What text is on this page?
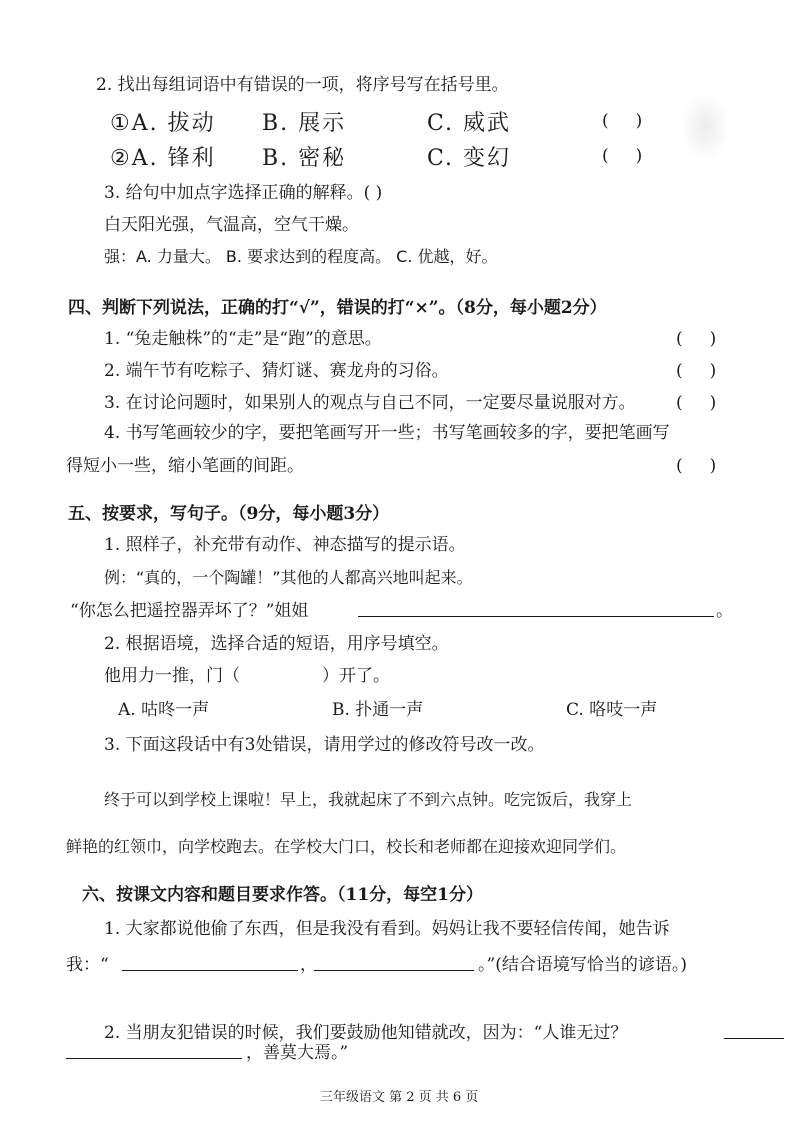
2. 找出每组词语中有错误的一项，将序号写在括号里。
①A. 拔动 B. 展示	C. 威武	(     )
②A. 锋利 B. 密秘	C. 变幻	(     )
3. 给句中加点字选择正确的解释。( )
白天阳光强，气温高，空气干燥。
强：A. 力量大。 B. 要求达到的程度高。 C. 优越，好。
四、判断下列说法，正确的打“√”，错误的打“×”。（8分，每小题2分）
1. “兔走触株”的“走”是“跑”的意思。	(     )
2. 端午节有吃粽子、猜灯谜、赛龙舟的习俗。	(     )
3. 在讨论问题时，如果别人的观点与自己不同，一定要尽量说服对方。 (     )
4. 书写笔画较少的字，要把笔画写开一些；书写笔画较多的字，要把笔画写
得短小一些，缩小笔画的间距。	(     )
五、按要求，写句子。（9分，每小题3分）
1. 照样子，补充带有动作、神态描写的提示语。
例：“真的，一个陶罐！”其他的人都高兴地叫起来。
“你怎么把遥控器弄坏了？”姐姐	。
2. 根据语境，选择合适的短语，用序号填空。
他用力一推，门（	）开了。
A. 咕咚一声	B. 扑通一声	C. 咯吱一声
3. 下面这段话中有3处错误，请用学过的修改符号改一改。
终于可以到学校上课啦！早上，我就起床了不到六点钟。吃完饭后，我穿上
鲜艳的红领巾，向学校跑去。在学校大门口，校长和老师都在迎接欢迎同学们。
六、按课文内容和题目要求作答。（11分，每空1分）
1. 大家都说他偷了东西，但是我没有看到。妈妈让我不要轻信传闻，她告诉
我：“	，	。”(结合语境写恰当的谚语。)
2. 当朋友犯错误的时候，我们要鼓励他知错就改，因为：“人谁无过？
，善莫大焉。”
三年级语文 第 2 页 共 6 页
